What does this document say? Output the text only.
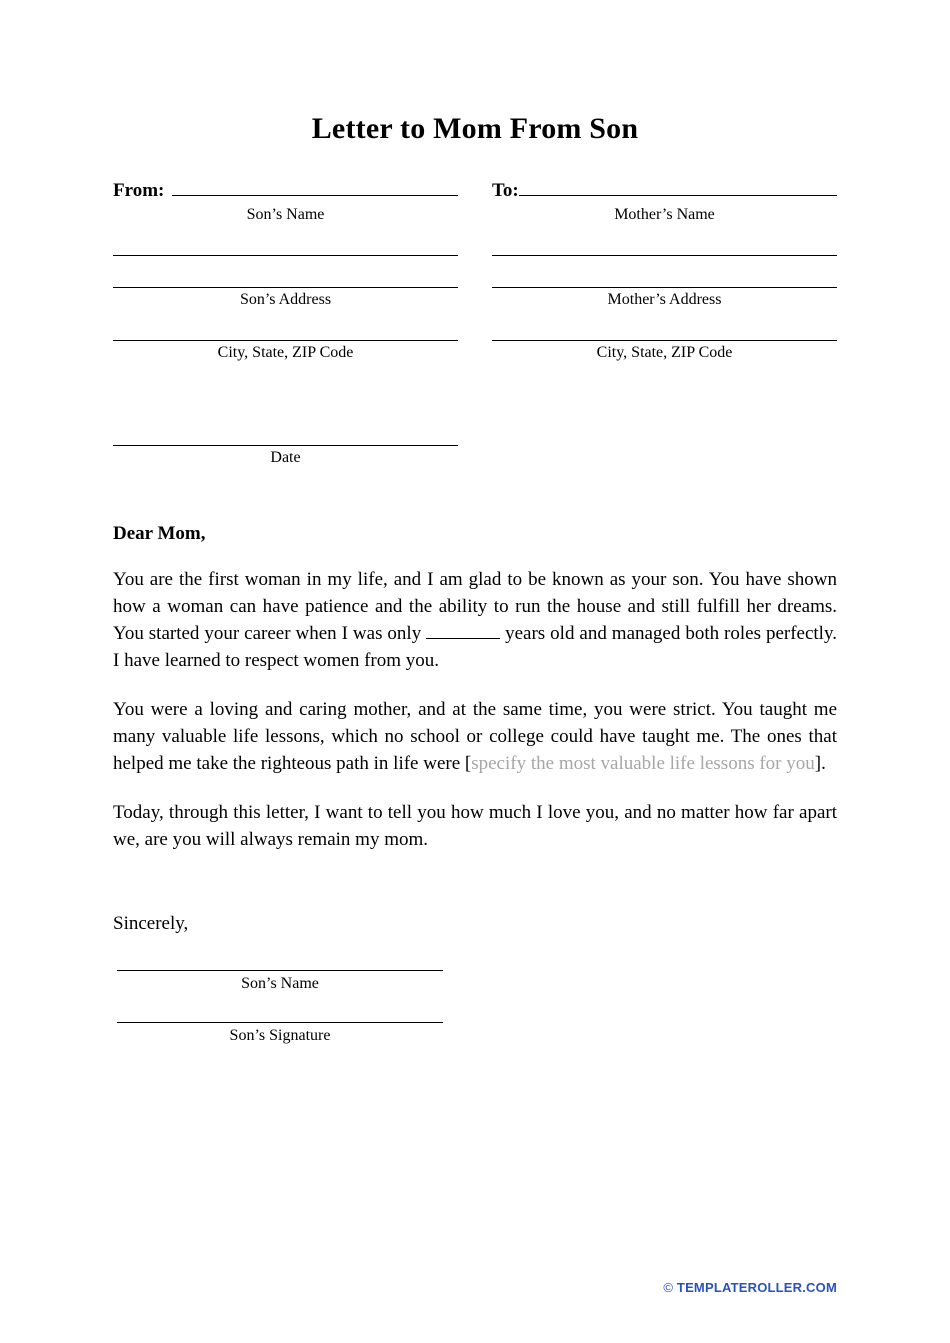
Letter to Mom From Son
From:
Son’s Name
Son’s Address
City, State, ZIP Code
Date
To:
Mother’s Name
Mother’s Address
City, State, ZIP Code
Dear Mom,

You are the first woman in my life, and I am glad to be known as your son. You have shown how a woman can have patience and the ability to run the house and still fulfill her dreams. You started your career when I was only	years old and managed both roles perfectly. I have learned to respect women from you.

You were a loving and caring mother, and at the same time, you were strict. You taught me many valuable life lessons, which no school or college could have taught me. The ones that helped me take the righteous path in life were [specify the most valuable life lessons for you].

Today, through this letter, I want to tell you how much I love you, and no matter how far apart we, are you will always remain my mom.

Sincerely,
Son’s Name
Son’s Signature
© TEMPLATEROLLER.COM
